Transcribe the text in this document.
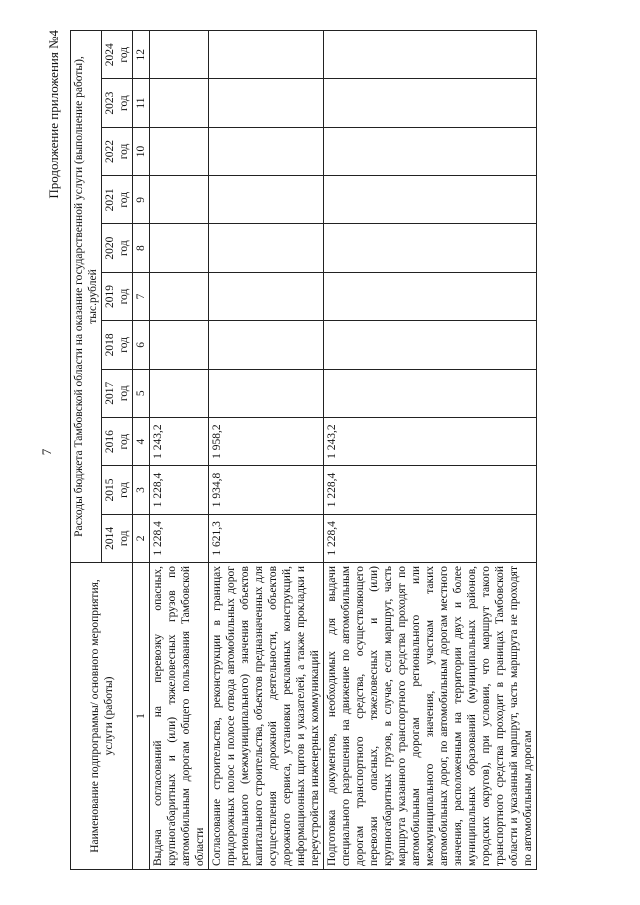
7
Продолжение приложения №4
Наименование подпрограммы/ основного мероприятия, услуги (работы)	Расходы бюджета Тамбовской области на оказание государственной услуги (выполнение работы), тыс.рублей										
	2014 год	2015 год	2016 год	2017 год	2018 год	2019 год	2020 год	2021 год	2022 год	2023 год	2024 год
1	2	3	4	5	6	7	8	9	10	11	12
Выдача согласований на перевозку опасных, крупногабаритных и (или) тяжеловесных грузов по автомобильным дорогам общего пользования Тамбовской области	1 228,4	1 228,4	1 243,2								
Согласование строительства, реконструкции в границах придорожных полос и полосе отвода автомобильных дорог регионального (межмуниципального) значения объектов капитального строительства, объектов предназначенных для осуществления дорожной деятельности, объектов дорожного сервиса, установки рекламных конструкций, информационных щитов и указателей, а также прокладки и переустройства инженерных коммуникаций	1 621,3	1 934,8	1 958,2								
Подготовка документов, необходимых для выдачи специального разрешения на движение по автомобильным дорогам транспортного средства, осуществляющего перевозки опасных, тяжеловесных и (или) крупногабаритных грузов, в случае, если маршрут, часть маршрута указанного транспортного средства проходят по автомобильным дорогам регионального или межмуниципального значения, участкам таких автомобильных дорог, по автомобильным дорогам местного значения, расположенным на территории двух и более муниципальных образований (муниципальных районов, городских округов), при условии, что маршрут такого транспортного средства проходит в границах Тамбовской области и указанный маршрут, часть маршрута не проходят по автомобильным дорогам	1 228,4	1 228,4	1 243,2								
